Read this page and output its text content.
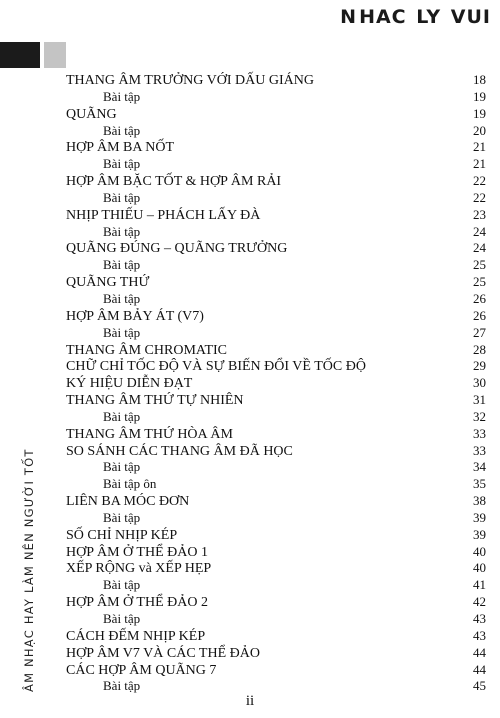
N HAC LY VUI
ÂM NHẠC HAY LÀM NÊN NGƯỜI TỐT
THANG ÂM TRƯỞNG VỚI DẤU GIÁNG	18
Bài tập	19
QUÃNG	19
Bài tập	20
HỢP ÂM BA NỐT	21
Bài tập	21
HỢP ÂM BẶC TỐT & HỢP ÂM RẢI	22
Bài tập	22
NHỊP THIẾU – PHÁCH LẤY ĐÀ	23
Bài tập	24
QUÃNG ĐÚNG – QUÃNG TRƯỞNG	24
Bài tập	25
QUÃNG THỨ	25
Bài tập	26
HỢP ÂM BẢY ÁT (V7)	26
Bài tập	27
THANG ÂM CHROMATIC	28
CHỮ CHỈ TỐC ĐỘ VÀ SỰ BIẾN ĐỔI VỀ TỐC ĐỘ	29
KÝ HIỆU DIỄN ĐẠT	30
THANG ÂM THỨ TỰ NHIÊN	31
Bài tập	32
THANG ÂM THỨ HÒA ÂM	33
SO SÁNH CÁC THANG ÂM ĐÃ HỌC	33
Bài tập	34
Bài tập ôn	35
LIÊN BA MÓC ĐƠN	38
Bài tập	39
SỐ CHỈ NHỊP KÉP	39
HỢP ÂM Ở THỂ ĐẢO 1	40
XẾP RỘNG và XẾP HẸP	40
Bài tập	41
HỢP ÂM Ở THỂ ĐẢO 2	42
Bài tập	43
CÁCH ĐẾM NHỊP KÉP	43
HỢP ÂM V7 VÀ CÁC THỂ ĐẢO	44
CÁC HỢP ÂM QUÃNG 7	44
Bài tập	45
ii
